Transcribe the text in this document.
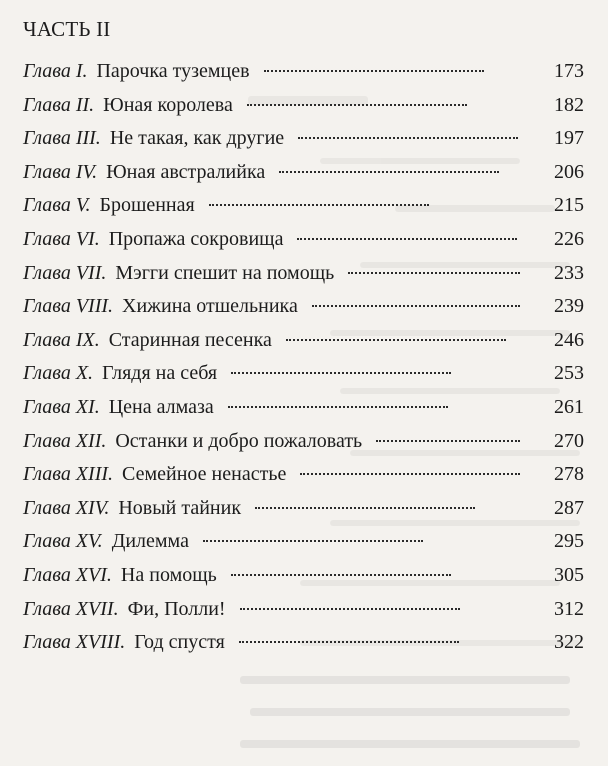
ЧАСТЬ II
Глава I. Парочка туземцев	173
Глава II. Юная королева	182
Глава III. Не такая, как другие	197
Глава IV. Юная австралийка	206
Глава V. Брошенная	215
Глава VI. Пропажа сокровища	226
Глава VII. Мэгги спешит на помощь	233
Глава VIII. Хижина отшельника	239
Глава IX. Старинная песенка	246
Глава X. Глядя на себя	253
Глава XI. Цена алмаза	261
Глава XII. Останки и добро пожаловать	270
Глава XIII. Семейное ненастье	278
Глава XIV. Новый тайник	287
Глава XV. Дилемма	295
Глава XVI. На помощь	305
Глава XVII. Фи, Полли!	312
Глава XVIII. Год спустя	322
